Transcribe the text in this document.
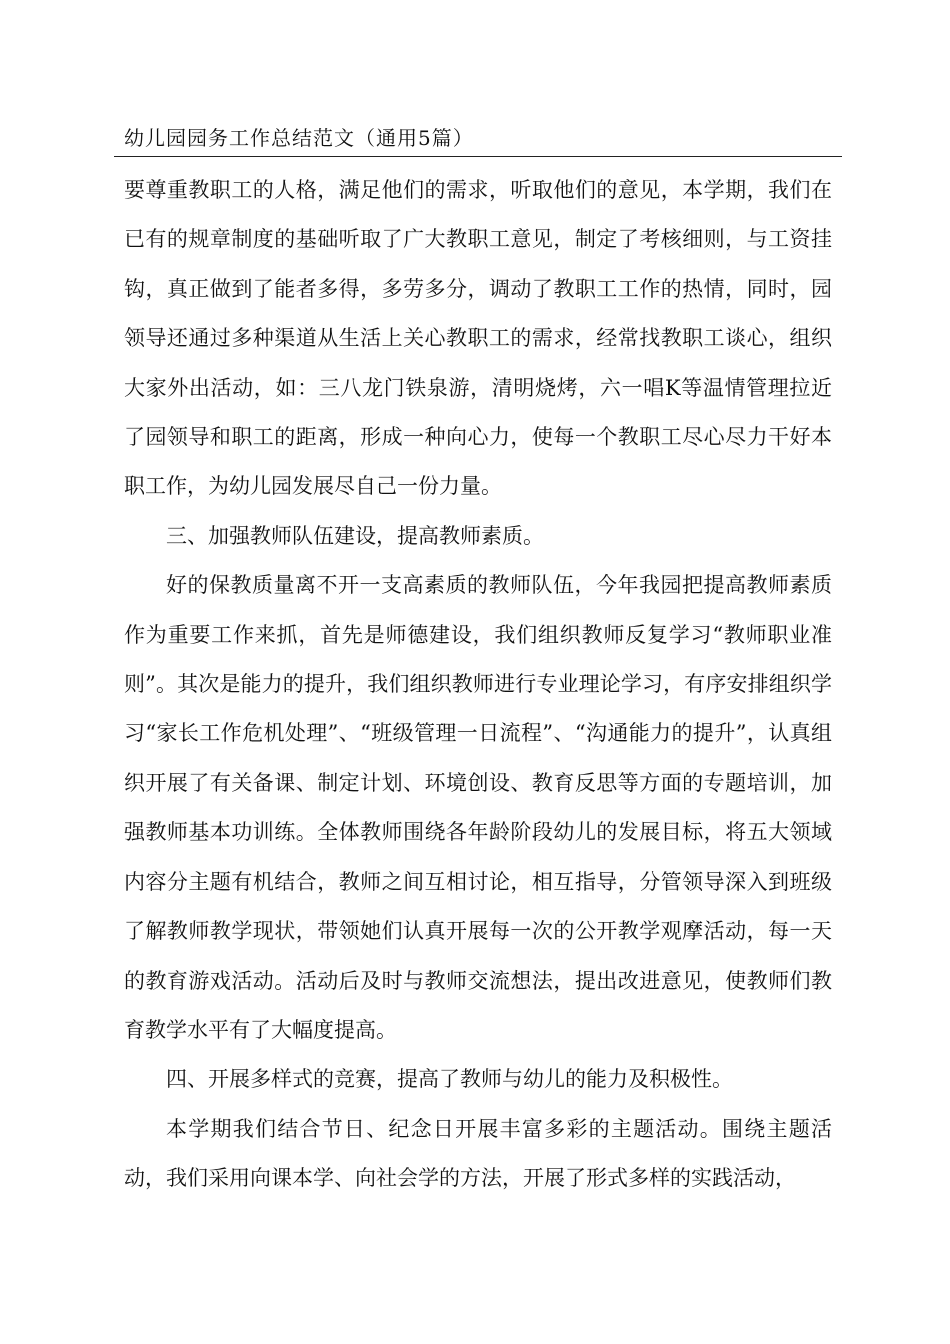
幼儿园园务工作总结范文（通用5篇）

要尊重教职工的人格，满足他们的需求，听取他们的意见，本学期，我们在已有的规章制度的基础听取了广大教职工意见，制定了考核细则，与工资挂钩，真正做到了能者多得，多劳多分，调动了教职工工作的热情，同时，园领导还通过多种渠道从生活上关心教职工的需求，经常找教职工谈心，组织大家外出活动，如：三八龙门铁泉游，清明烧烤，六一唱K等温情管理拉近了园领导和职工的距离，形成一种向心力，使每一个教职工尽心尽力干好本职工作，为幼儿园发展尽自己一份力量。

三、加强教师队伍建设，提高教师素质。

好的保教质量离不开一支高素质的教师队伍，今年我园把提高教师素质作为重要工作来抓，首先是师德建设，我们组织教师反复学习“教师职业准则”。其次是能力的提升，我们组织教师进行专业理论学习，有序安排组织学习“家长工作危机处理”、“班级管理一日流程”、“沟通能力的提升”，认真组织开展了有关备课、制定计划、环境创设、教育反思等方面的专题培训，加强教师基本功训练。全体教师围绕各年龄阶段幼儿的发展目标，将五大领域内容分主题有机结合，教师之间互相讨论，相互指导，分管领导深入到班级了解教师教学现状，带领她们认真开展每一次的公开教学观摩活动，每一天的教育游戏活动。活动后及时与教师交流想法，提出改进意见，使教师们教育教学水平有了大幅度提高。

四、开展多样式的竞赛，提高了教师与幼儿的能力及积极性。

本学期我们结合节日、纪念日开展丰富多彩的主题活动。围绕主题活动，我们采用向课本学、向社会学的方法，开展了形式多样的实践活动，
